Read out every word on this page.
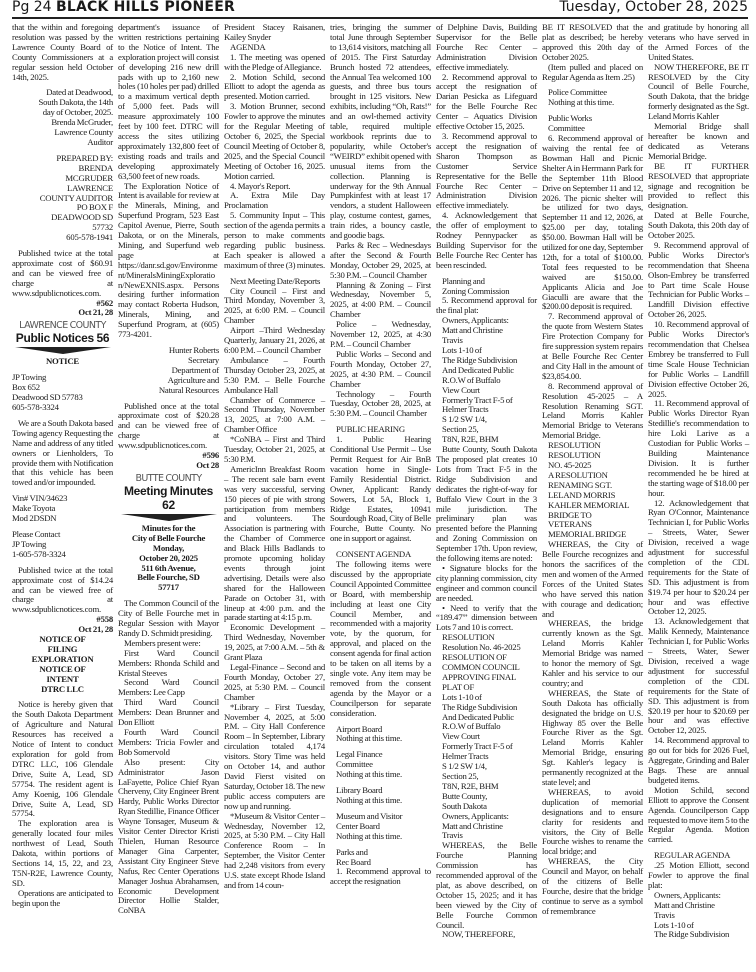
Pg 24 BLACK HILLS PIONEER	Tuesday, October 28, 2025

that the within and foregoing resolution was passed by the Lawrence County Board of County Commissioners at a regular session held October 14th, 2025.

Dated at Deadwood,
South Dakota, the 14th
day of October, 2025.
Brenda McGruder,
Lawrence County
Auditor

PREPARED BY:
BRENDA
MCGRUDER
LAWRENCE
COUNTY AUDITOR
PO BOX F
DEADWOOD SD
57732
605-578-1941

Published twice at the total approximate cost of $60.91 and can be viewed free of charge at www.sdpublicnotices.com.

#562
Oct 21, 28

LAWRENCE COUNTY
Public Notices 56

NOTICE

JP Towing
Box 652
Deadwood SD 57783
605-578-3324

We are a South Dakota based Towing agency Requesting the Name and address of any titled owners or Lienholders, To provide them with Notification that this vehicle has been towed and/or impounded.

Vin# VIN/34623
Make Toyota
Mod 2DSDN

Please Contact
JP Towing
1-605-578-3324

Published twice at the total approximate cost of $14.24 and can be viewed free of charge at www.sdpublicnotices.com.

#558
Oct 21, 28

NOTICE OF
FILING
EXPLORATION
NOTICE OF
INTENT
DTRC LLC

Notice is hereby given that the South Dakota Department of Agriculture and Natural Resources has received a Notice of Intent to conduct exploration for gold from DTRC LLC, 106 Glendale Drive, Suite A, Lead, SD 57754. The resident agent is Amy Koenig, 106 Glendale Drive, Suite A, Lead, SD 57754.

The exploration area is generally located four miles northwest of Lead, South Dakota, within portions of Sections 14, 15, 22, and 23, T5N-R2E, Lawrence County, SD.

Operations are anticipated to begin upon the

department's issuance of written restrictions pertaining to the Notice of Intent. The exploration project will consist of developing 216 new drill pads with up to 2,160 new holes (10 holes per pad) drilled to a maximum vertical depth of 5,000 feet. Pads will measure approximately 100 feet by 100 feet. DTRC will access the sites utilizing approximately 132,800 feet of existing roads and trails and developing approximately 63,500 feet of new roads.

The Exploration Notice of Intent is available for review at the Minerals, Mining, and Superfund Program, 523 East Capitol Avenue, Pierre, South Dakota, or on the Minerals, Mining, and Superfund web page at https://danr.sd.gov/Environment/MineralsMiningExploration/NewEXNIS.aspx. Persons desiring further information may contact Roberta Hudson, Minerals, Mining, and Superfund Program, at (605) 773-4201.

Hunter Roberts
Secretary
Department of
Agriculture and
Natural Resources

Published once at the total approximate cost of $20.28 and can be viewed free of charge at www.sdpublicnotices.com.

#596
Oct 28

BUTTE COUNTY
Meeting Minutes 62

Minutes for the
City of Belle Fourche
Monday,
October 20, 2025
511 6th Avenue,
Belle Fourche, SD
57717

The Common Council of the City of Belle Fourche met in Regular Session with Mayor Randy D. Schmidt presiding.

Members present were:

First Ward Council Members: Rhonda Schild and Kristal Steeves

Second Ward Council Members: Lee Capp

Third Ward Council Members: Dean Brunner and Don Elliott

Fourth Ward Council Members: Tricia Fowler and Bob Somervold

Also present: City Administrator Jason LaFayette, Police Chief Ryan Cherveny, City Engineer Brent Hardy, Public Works Director Ryan Stedillie, Finance Officer Wayne Tonsager, Museum & Visitor Center Director Kristi Thielen, Human Resource Manager Gina Carpenter, Assistant City Engineer Steve Nafus, Rec Center Operations Manager Joshua Abrahamsen, Economic Development Director Hollie Stalder, CoNBA

President Stacey Raisanen, Kailey Snyder

AGENDA

1. The meeting was opened with the Pledge of Allegiance.

2. Motion Schild, second Elliott to adopt the agenda as presented. Motion carried.

3. Motion Brunner, second Fowler to approve the minutes for the Regular Meeting of October 6, 2025, the Special Council Meeting of October 8, 2025, and the Special Council Meeting of October 16, 2025. Motion carried.

4. Mayor's Report.

A. Extra Mile Day Proclamation

5. Community Input – This section of the agenda permits a person to make comments regarding public business. Each speaker is allowed a maximum of three (3) minutes.

Next Meeting Date/Reports

City Council – First and Third Monday, November 3, 2025, at 6:00 P.M. – Council Chamber

Airport –Third Wednesday Quarterly, January 21, 2026, at 6:00 P.M. – Council Chamber

Ambulance – Fourth Thursday October 23, 2025, at 5:30 P.M. – Belle Fourche Ambulance Hall

Chamber of Commerce – Second Thursday, November 13, 2025, at 7:00 A.M. – Chamber Office

*CoNBA – First and Third Tuesday, October 21, 2025, at 5:30 P.M.

AmericInn Breakfast Room – The recent sale barn event was very successful, serving 150 pieces of pie with strong participation from members and volunteers. The Association is partnering with the Chamber of Commerce and Black Hills Badlands to promote upcoming holiday events through joint advertising. Details were also shared for the Halloween Parade on October 31, with lineup at 4:00 p.m. and the parade starting at 4:15 p.m.

Economic Development – Third Wednesday, November 19, 2025, at 7:00 A.M. – 5th & Grant Plaza

Legal-Finance – Second and Fourth Monday, October 27, 2025, at 5:30 P.M. – Council Chamber

*Library – First Tuesday, November 4, 2025, at 5:00 P.M. – City Hall Conference Room – In September, Library circulation totaled 4,174 visitors. Story Time was held on October 14, and author David Fierst visited on Saturday, October 18. The new public access computers are now up and running.

*Museum & Visitor Center – Wednesday, November 12, 2025, at 5:30 P.M. – City Hall Conference Room – In September, the Visitor Center had 2,248 visitors from every U.S. state except Rhode Island and from 14 coun-

tries, bringing the summer total June through September to 13,614 visitors, matching all of 2015. The First Saturday Brunch hosted 72 attendees, the Annual Tea welcomed 100 guests, and three bus tours brought in 125 visitors. New exhibits, including “Oh, Rats!” and an owl-themed activity table, required multiple workbook reprints due to popularity, while October's “WEIRD” exhibit opened with unusual items from the collection. Planning is underway for the 9th Annual Pumpkinfest with at least 17 vendors, a student Halloween play, costume contest, games, train rides, a bouncy castle, and goodie bags.

Parks & Rec – Wednesdays after the Second & Fourth Monday, October 29, 2025, at 5:30 P.M. – Council Chamber

Planning & Zoning – First Wednesday, November 5, 2025, at 4:00 P.M. – Council Chamber

Police – Wednesday, November 12, 2025, at 4:30 P.M. – Council Chamber

Public Works – Second and Fourth Monday, October 27, 2025, at 4:30 P.M. – Council Chamber

Technology – Fourth Tuesday, October 28, 2025, at 5:30 P.M. – Council Chamber

PUBLIC HEARING

1. Public Hearing Conditional Use Permit – Use Permit Request for Air BnB vacation home in Single-Family Residential District. Owner, Applicant: Randy Sowers, Lot 5A, Block 1, Ridge Estates, 10941 Sourdough Road, City of Belle Fourche, Butte County. No one in support or against.

CONSENT AGENDA

The following items were discussed by the appropriate Council Appointed Committee or Board, with membership including at least one City Council Member, and recommended with a majority vote, by the quorum, for approval, and placed on the consent agenda for final action to be taken on all items by a single vote. Any item may be removed from the consent agenda by the Mayor or a Councilperson for separate consideration.

Airport Board
Nothing at this time.

Legal Finance
Committee
Nothing at this time.

Library Board
Nothing at this time.

Museum and Visitor
Center Board
Nothing at this time.

Parks and
Rec Board

1. Recommend approval to accept the resignation

of Delphine Davis, Building Supervisor for the Belle Fourche Rec Center – Administration Division effective immediately.

2. Recommend approval to accept the resignation of Darian Pesicka as Lifeguard for the Belle Fourche Rec Center – Aquatics Division effective October 15, 2025.

3. Recommend approval to accept the resignation of Sharon Thompson as Customer Service Representative for the Belle Fourche Rec Center – Administration Division effective immediately.

4. Acknowledgement that the offer of employment to Rodney Pennypacker as Building Supervisor for the Belle Fourche Rec Center has been rescinded.

Planning and
Zoning Commission

5. Recommend approval for the final plat:

Owners, Applicants:
Matt and Christine
Travis
Lots 1-10 of
The Ridge Subdivision
And Dedicated Public
R.O.W of Buffalo
View Court
Formerly Tract F-5 of
Helmer Tracts
S 1/2 SW 1/4,
Section 25,
T8N, R2E, BHM

Butte County, South Dakota The proposed plat creates 10 Lots from Tract F-5 in the Ridge Subdivision and dedicates the right-of-way for Buffalo View Court in the 3 mile jurisdiction. The preliminary plan was presented before the Planning and Zoning Commission on September 17th. Upon review, the following items are noted:

• Signature blocks for the city planning commission, city engineer and common council are needed.

• Need to verify that the “189.47'” dimension between Lots 7 and 10 is correct.

RESOLUTION
Resolution No. 46-2025
RESOLUTION OF
COMMON COUNCIL
APPROVING FINAL
PLAT OF
Lots 1-10 of
The Ridge Subdivision
And Dedicated Public
R.O.W of Buffalo
View Court
Formerly Tract F-5 of
Helmer Tracts
S 1/2 SW 1/4,
Section 25,
T8N, R2E, BHM
Butte County,
South Dakota
Owners, Applicants:
Matt and Christine
Travis

WHEREAS, the Belle Fourche Planning Commission has recommended approval of the plat, as above described, on October 15, 2025; and it has been viewed by the City of Belle Fourche Common Council.

NOW, THEREFORE,

BE IT RESOLVED that the plat as described; be hereby approved this 20th day of October 2025.

(Item pulled and placed on Regular Agenda as Item .25)

Police Committee
Nothing at this time.

Public Works
Committee

6. Recommend approval of waiving the rental fee of Bowman Hall and Picnic Shelter A in Herrmann Park for the September 11th Blood Drive on September 11 and 12, 2026. The picnic shelter will be utilized for two days, September 11 and 12, 2026, at $25.00 per day, totaling $50.00. Bowman Hall will be utilized for one day, September 12th, for a total of $100.00. Total fees requested to be waived are $150.00. Applicants Alicia and Joe Giaculli are aware that the $200.00 deposit is required.

7. Recommend approval of the quote from Western States Fire Protection Company for fire suppression system repairs at Belle Fourche Rec Center and City Hall in the amount of $23,854.00.

8. Recommend approval of Resolution 45-2025 – A Resolution Renaming SGT. Leland Morris Kahler Memorial Bridge to Veterans Memorial Bridge.

RESOLUTION
RESOLUTION
NO. 45-2025
A RESOLUTION
RENAMING SGT.
LELAND MORRIS
KAHLER MEMORIAL
BRIDGE TO
VETERANS
MEMORIAL BRIDGE

WHEREAS, the City of Belle Fourche recognizes and honors the sacrifices of the men and women of the Armed Forces of the United States who have served this nation with courage and dedication; and

WHEREAS, the bridge currently known as the Sgt. Leland Morris Kahler Memorial Bridge was named to honor the memory of Sgt. Kahler and his service to our country; and

WHEREAS, the State of South Dakota has officially designated the bridge on U.S. Highway 85 over the Belle Fourche River as the Sgt. Leland Morris Kahler Memorial Bridge, ensuring Sgt. Kahler's legacy is permanently recognized at the state level; and

WHEREAS, to avoid duplication of memorial designations and to ensure clarity for residents and visitors, the City of Belle Fourche wishes to rename the local bridge; and

WHEREAS, the City Council and Mayor, on behalf of the citizens of Belle Fourche, desire that the bridge continue to serve as a symbol of remembrance

and gratitude by honoring all veterans who have served in the Armed Forces of the United States.

NOW THEREFORE, BE IT RESOLVED by the City Council of Belle Fourche, South Dakota, that the bridge formerly designated as the Sgt. Leland Morris Kahler

Memorial Bridge shall hereafter be known and dedicated as Veterans Memorial Bridge.

BE IT FURTHER RESOLVED that appropriate signage and recognition be provided to reflect this designation.

Dated at Belle Fourche, South Dakota, this 20th day of October 2025.

9. Recommend approval of Public Works Director's recommendation that Sheena Olson-Embrey be transferred to Part time Scale House Technician for Public Works – Landfill Division effective October 26, 2025.

10. Recommend approval of Public Works Director's recommendation that Chelsea Embrey be transferred to Full time Scale House Technician for Public Works – Landfill Division effective October 26, 2025.

11. Recommend approval of Public Works Director Ryan Stedillie's recommendation to hire Loki Larive as a Custodian for Public Works – Building Maintenance Division. It is further recommended he be hired at the starting wage of $18.00 per hour.

12. Acknowledgement that Ryan O'Connor, Maintenance Technician I, for Public Works – Streets, Water, Sewer Division, received a wage adjustment for successful completion of the CDL requirements for the State of SD. This adjustment is from $19.74 per hour to $20.24 per hour and was effective October 12, 2025.

13. Acknowledgement that Malik Kennedy, Maintenance Technician I, for Public Works – Streets, Water, Sewer Division, received a wage adjustment for successful completion of the CDL requirements for the State of SD. This adjustment is from $20.19 per hour to $20.69 per hour and was effective October 12, 2025.

14. Recommend approval to go out for bids for 2026 Fuel, Aggregate, Grinding and Baler Bags. These are annual budgeted items.

Motion Schild, second Elliott to approve the Consent Agenda. Councilperson Capp requested to move item 5 to the Regular Agenda. Motion carried.

REGULAR AGENDA

.25 Motion Elliott, second Fowler to approve the final plat:

Owners, Applicants:
Matt and Christine
Travis
Lots 1-10 of
The Ridge Subdivision
